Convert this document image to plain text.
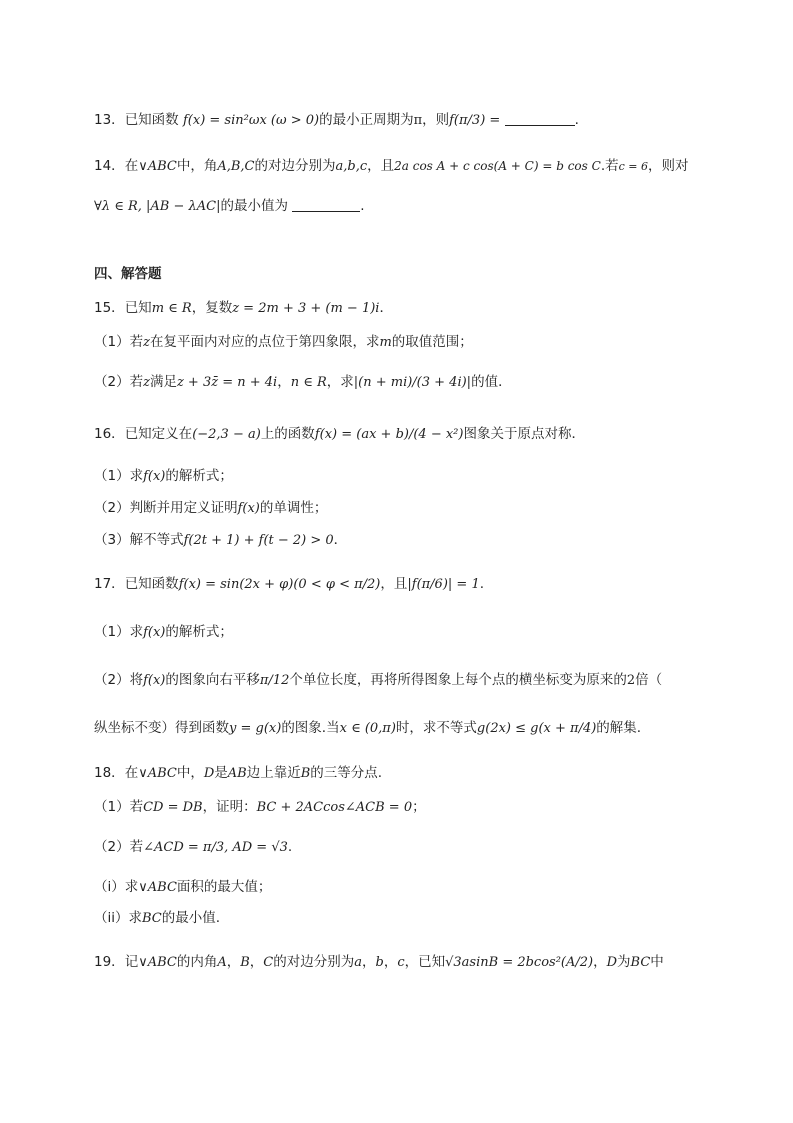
13．已知函数 f(x) = sin²ωx (ω > 0)的最小正周期为π，则f(π/3) =	.
14．在∨ABC中，角A,B,C的对边分别为a,b,c，且2a cos A + c cos(A + C) = b cos C.若c = 6，则对
∀λ ∈ R, |AB − λAC|的最小值为	.
四、解答题
15．已知m ∈ R，复数z = 2m + 3 + (m − 1)i．
（1）若z在复平面内对应的点位于第四象限，求m的取值范围；
（2）若z满足z + 3z̄ = n + 4i，n ∈ R，求|(n + mi)/(3 + 4i)|的值．
16．已知定义在(−2,3 − a)上的函数f(x) = (ax + b)/(4 − x²)图象关于原点对称．
（1）求f(x)的解析式；
（2）判断并用定义证明f(x)的单调性；
（3）解不等式f(2t + 1) + f(t − 2) > 0．
17．已知函数f(x) = sin(2x + φ)(0 < φ < π/2)，且|f(π/6)| = 1.
（1）求f(x)的解析式；
（2）将f(x)的图象向右平移π/12个单位长度，再将所得图象上每个点的横坐标变为原来的2倍（
纵坐标不变）得到函数y = g(x)的图象.当x ∈ (0,π)时，求不等式g(2x) ≤ g(x + π/4)的解集.
18．在∨ABC中，D是AB边上靠近B的三等分点.
（1）若CD = DB，证明：BC + 2ACcos∠ACB = 0；
（2）若∠ACD = π/3, AD = √3.
（i）求∨ABC面积的最大值；
（ii）求BC的最小值.
19．记∨ABC的内角A，B，C的对边分别为a，b，c，已知√3asinB = 2bcos²(A/2)，D为BC中
